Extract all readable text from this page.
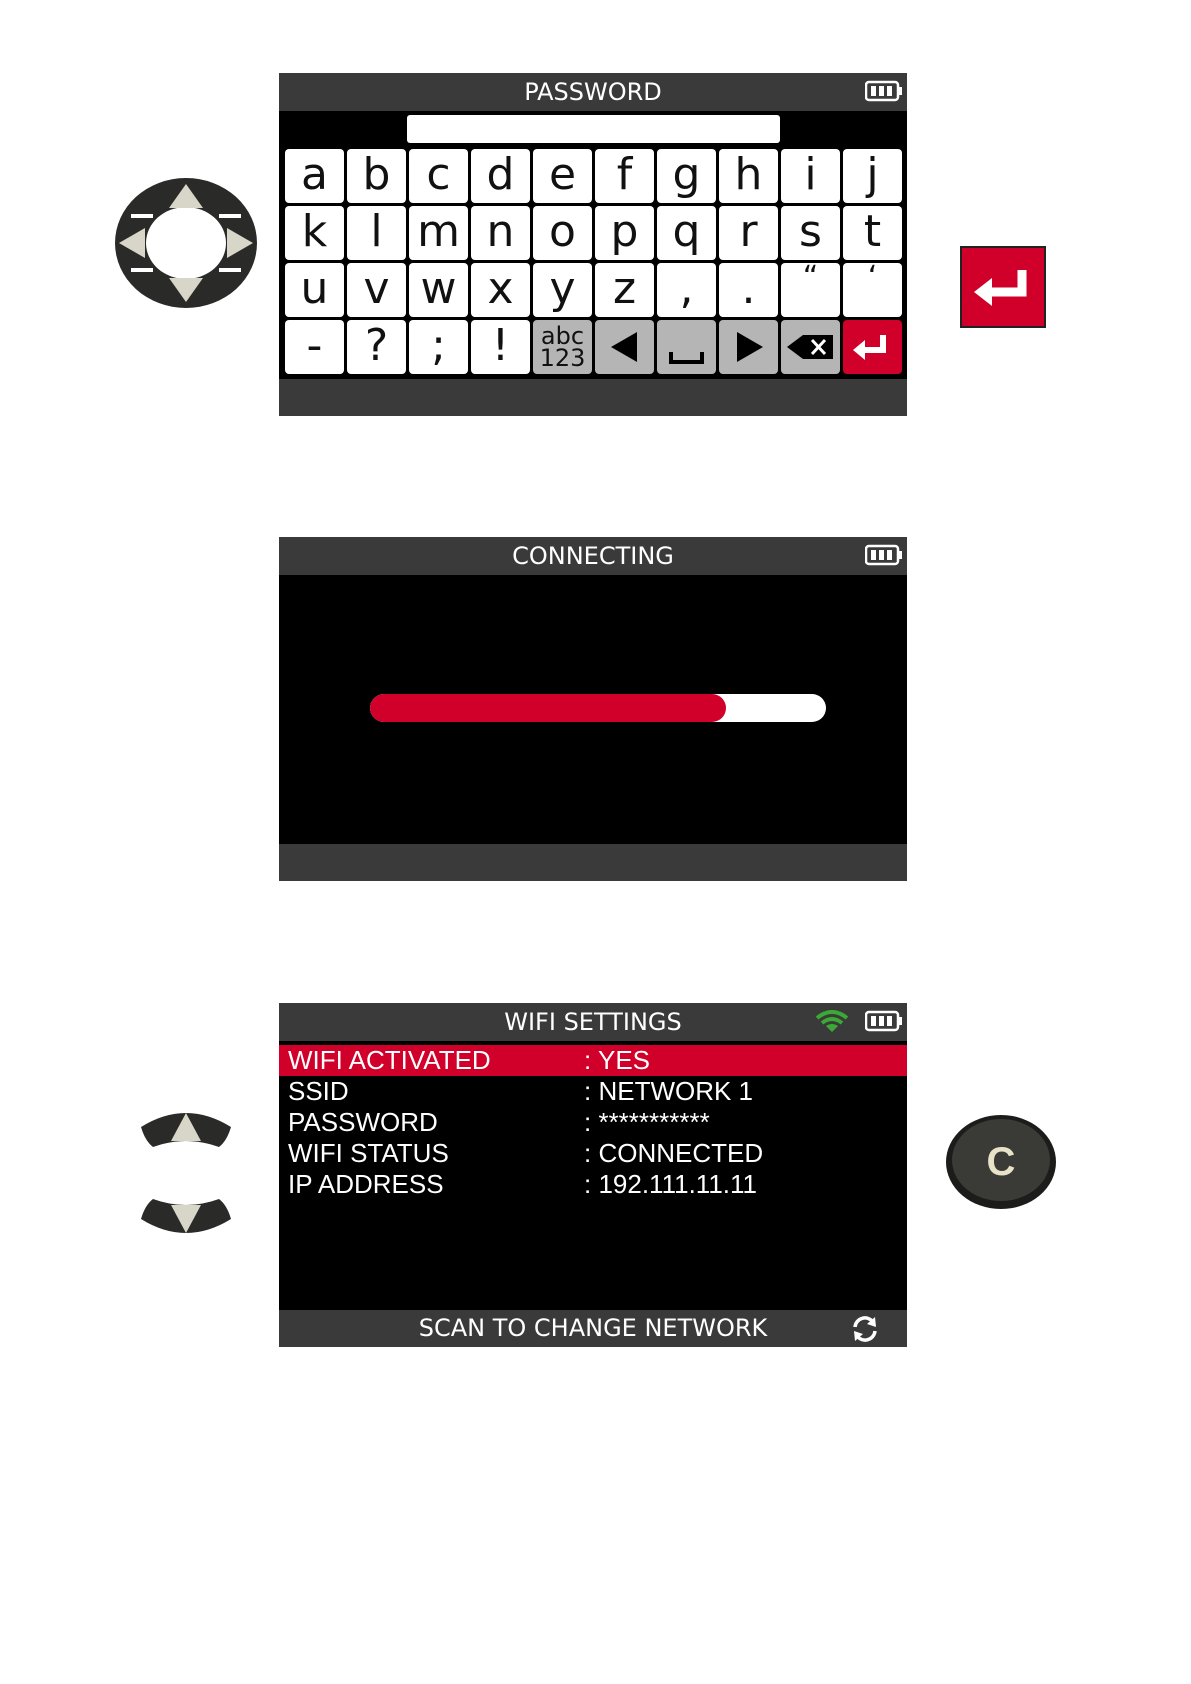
C
PASSWORD
a b c d e f g h i	j
k l m n o p q r s t
u v w x y z ,	.	“	‘
- ? ;	!	abc
123
CONNECTING
WIFI SETTINGS
WIFI ACTIVATED	: YES
SSID	: NETWORK 1
PASSWORD	: ***********
WIFI STATUS	: CONNECTED
IP ADDRESS	: 192.111.11.11
SCAN TO CHANGE NETWORK
